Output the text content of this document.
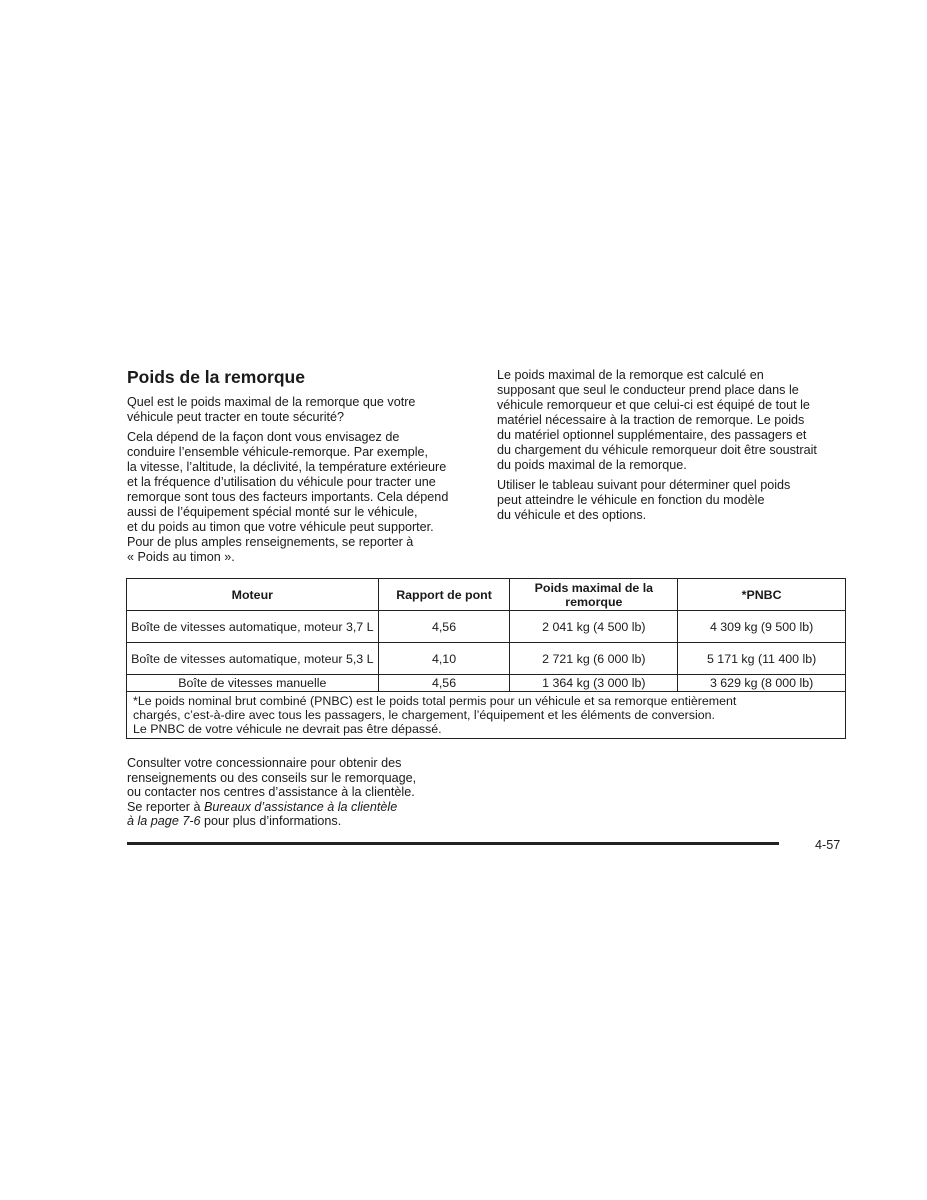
Poids de la remorque

Quel est le poids maximal de la remorque que votre
véhicule peut tracter en toute sécurité?

Cela dépend de la façon dont vous envisagez de
conduire l’ensemble véhicule-remorque. Par exemple,
la vitesse, l’altitude, la déclivité, la température extérieure
et la fréquence d’utilisation du véhicule pour tracter une
remorque sont tous des facteurs importants. Cela dépend
aussi de l’équipement spécial monté sur le véhicule,
et du poids au timon que votre véhicule peut supporter.
Pour de plus amples renseignements, se reporter à
« Poids au timon ».

Le poids maximal de la remorque est calculé en
supposant que seul le conducteur prend place dans le
véhicule remorqueur et que celui-ci est équipé de tout le
matériel nécessaire à la traction de remorque. Le poids
du matériel optionnel supplémentaire, des passagers et
du chargement du véhicule remorqueur doit être soustrait
du poids maximal de la remorque.

Utiliser le tableau suivant pour déterminer quel poids
peut atteindre le véhicule en fonction du modèle
du véhicule et des options.

Moteur	Rapport de pont	Poids maximal de la remorque	*PNBC
Boîte de vitesses automatique, moteur 3,7 L	4,56	2 041 kg (4 500 lb)	4 309 kg (9 500 lb)
Boîte de vitesses automatique, moteur 5,3 L	4,10	2 721 kg (6 000 lb)	5 171 kg (11 400 lb)
Boîte de vitesses manuelle	4,56	1 364 kg (3 000 lb)	3 629 kg (8 000 lb)
*Le poids nominal brut combiné (PNBC) est le poids total permis pour un véhicule et sa remorque entièrement
chargés, c’est-à-dire avec tous les passagers, le chargement, l’équipement et les éléments de conversion.
Le PNBC de votre véhicule ne devrait pas être dépassé.			

Consulter votre concessionnaire pour obtenir des
renseignements ou des conseils sur le remorquage,
ou contacter nos centres d’assistance à la clientèle.
Se reporter à Bureaux d’assistance à la clientèle
à la page 7-6 pour plus d’informations.

4-57
